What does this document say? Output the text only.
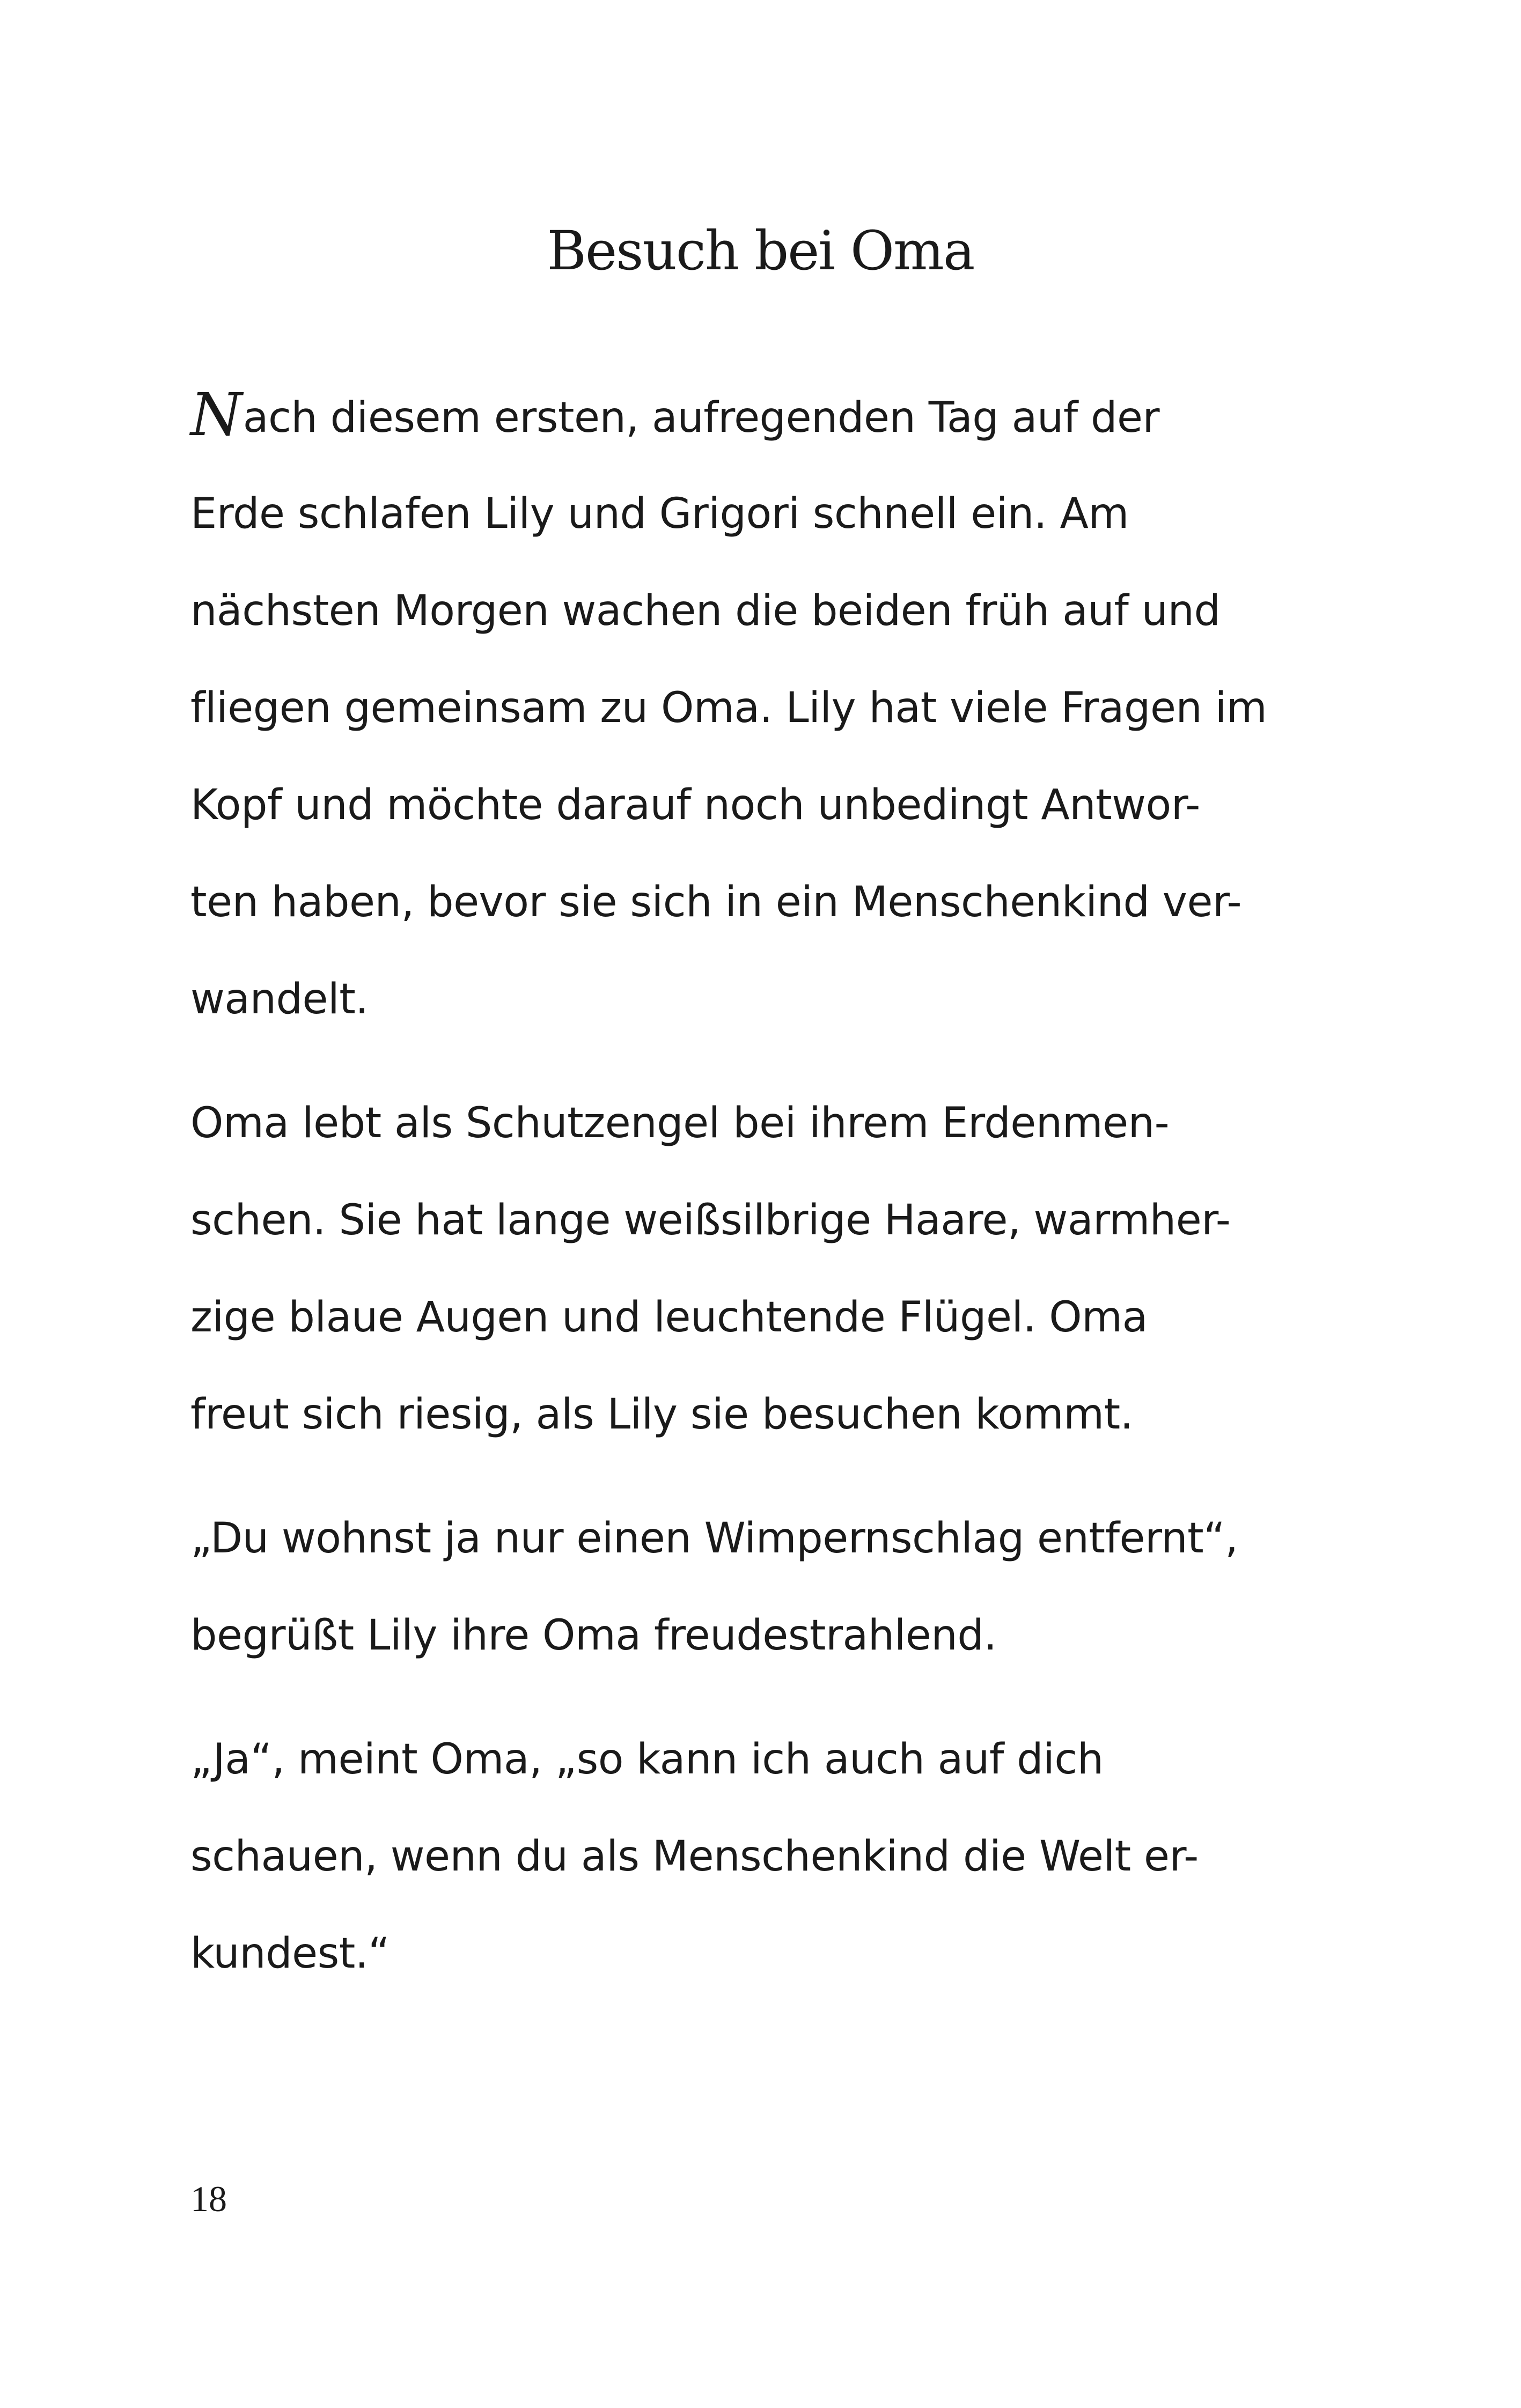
Besuch bei Oma
Nach diesem ersten, aufregenden Tag auf der
Erde schlafen Lily und Grigori schnell ein. Am
nächsten Morgen wachen die beiden früh auf und
fliegen gemeinsam zu Oma. Lily hat viele Fragen im
Kopf und möchte darauf noch unbedingt Antwor-
ten haben, bevor sie sich in ein Menschenkind ver-
wandelt.
Oma lebt als Schutzengel bei ihrem Erdenmen-
schen. Sie hat lange weißsilbrige Haare, warmher-
zige blaue Augen und leuchtende Flügel. Oma
freut sich riesig, als Lily sie besuchen kommt.
„Du wohnst ja nur einen Wimpernschlag entfernt“,
begrüßt Lily ihre Oma freudestrahlend.
„Ja“, meint Oma, „so kann ich auch auf dich
schauen, wenn du als Menschenkind die Welt er-
kundest.“
18
